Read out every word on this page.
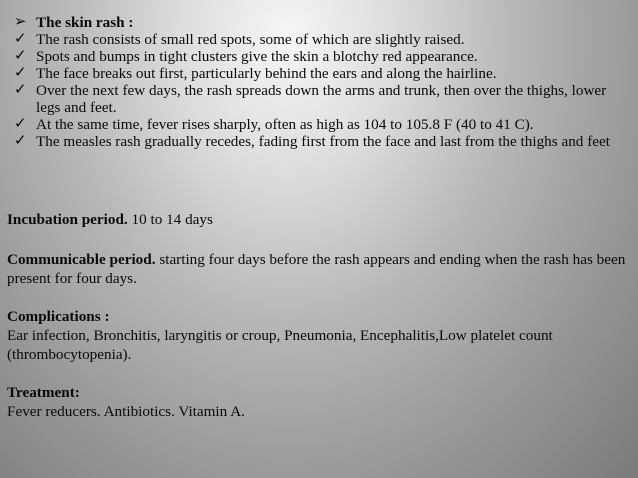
➢ The skin rash :
✓ The rash consists of small red spots, some of which are slightly raised.
✓ Spots and bumps in tight clusters give the skin a blotchy red appearance.
✓ The face breaks out first, particularly behind the ears and along the hairline.
✓ Over the next few days, the rash spreads down the arms and trunk, then over the thighs, lower legs and feet.
✓ At the same time, fever rises sharply, often as high as 104 to 105.8 F (40 to 41 C).
✓ The measles rash gradually recedes, fading first from the face and last from the thighs and feet
Incubation period. 10 to 14 days
Communicable period. starting four days before the rash appears and ending when the rash has been present for four days.
Complications :
Ear infection, Bronchitis, laryngitis or croup, Pneumonia, Encephalitis,Low platelet count (thrombocytopenia).
Treatment:
Fever reducers. Antibiotics. Vitamin A.
